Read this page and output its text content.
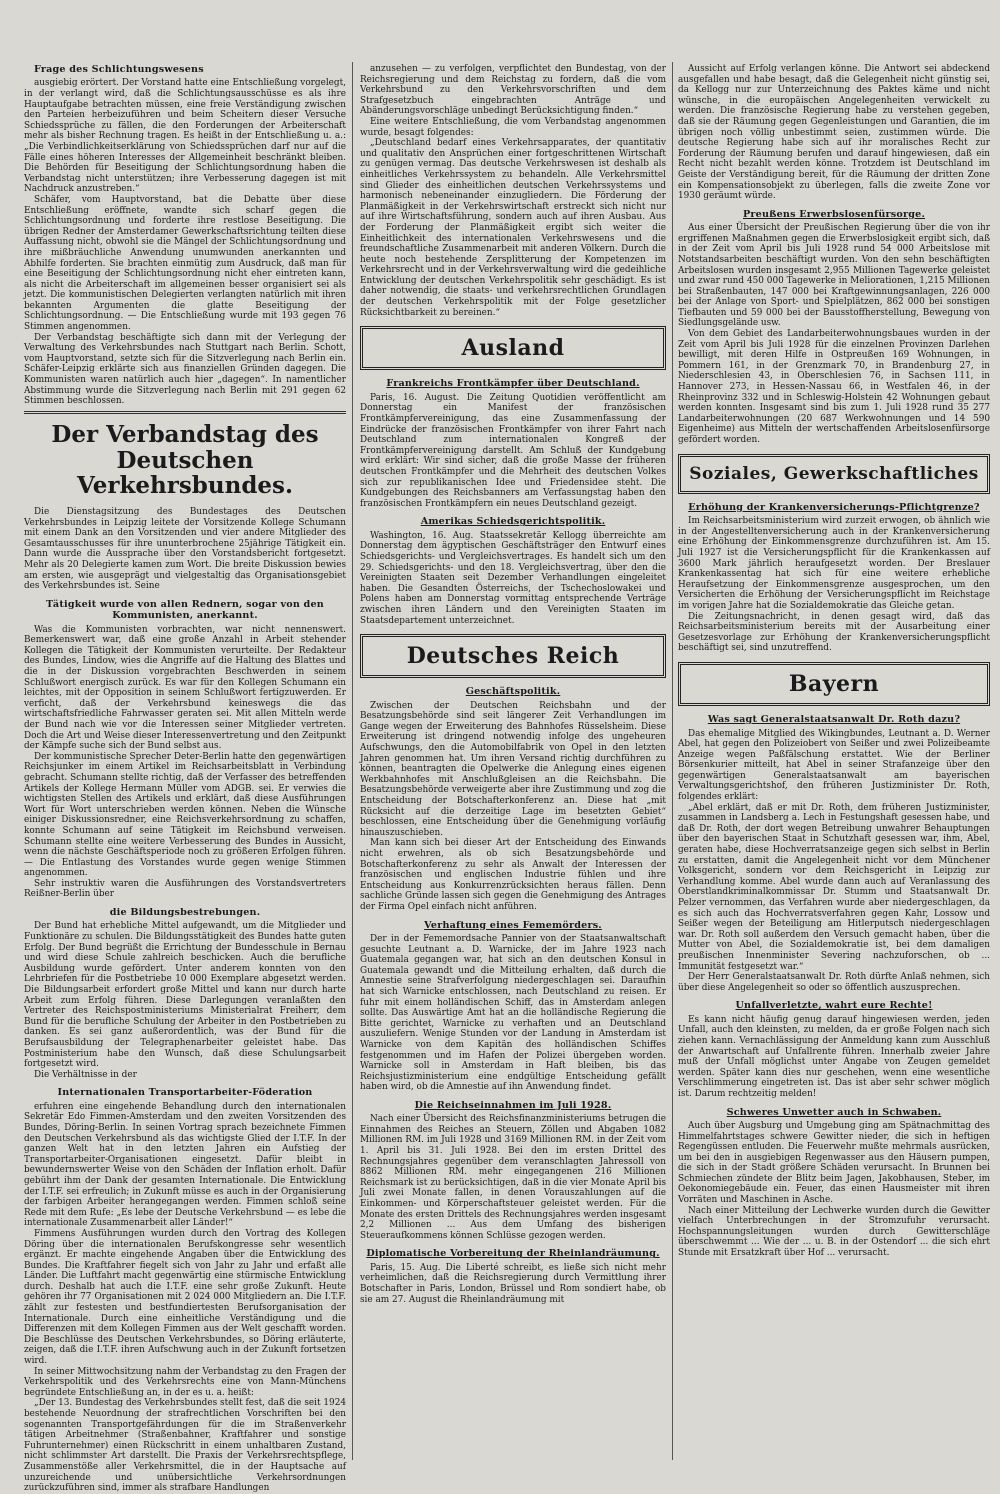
Frage des Schlichtungswesens

ausgiebig erörtert. Der Vorstand hatte eine Entschließung vorgelegt, in der verlangt wird, daß die Schlichtungsausschüsse es als ihre Hauptaufgabe betrachten müssen, eine freie Verständigung zwischen den Parteien herbeizuführen und beim Scheitern dieser Versuche Schiedssprüche zu fällen, die den Forderungen der Arbeiterschaft mehr als bisher Rechnung tragen. Es heißt in der Entschließung u. a.: „Die Verbindlichkeitserklärung von Schiedssprüchen darf nur auf die Fälle eines höheren Interesses der Allgemeinheit beschränkt bleiben. Die Behörden für Beseitigung der Schlichtungsordnung haben die Verbandstag nicht unterstützen; ihre Verbesserung dagegen ist mit Nachdruck anzustreben.“

Schäfer, vom Hauptvorstand, bat die Debatte über diese Entschließung eröffnete, wandte sich scharf gegen die Schlichtungsordnung und forderte ihre restlose Beseitigung. Die übrigen Redner der Amsterdamer Gewerkschaftsrichtung teilten diese Auffassung nicht, obwohl sie die Mängel der Schlichtungsordnung und ihre mißbräuchliche Anwendung unumwunden anerkannten und Abhilfe forderten. Sie brachten einmütig zum Ausdruck, daß man für eine Beseitigung der Schlichtungsordnung nicht eher eintreten kann, als nicht die Arbeiterschaft im allgemeinen besser organisiert sei als jetzt. Die kommunistischen Delegierten verlangten natürlich mit ihren bekannten Argumenten die glatte Beseitigung der Schlichtungsordnung. — Die Entschließung wurde mit 193 gegen 76 Stimmen angenommen.

Der Verbandstag beschäftigte sich dann mit der Verlegung der Verwaltung des Verkehrsbundes nach Stuttgart nach Berlin. Schott, vom Hauptvorstand, setzte sich für die Sitzverlegung nach Berlin ein. Schäfer-Leipzig erklärte sich aus finanziellen Gründen dagegen. Die Kommunisten waren natürlich auch hier „dagegen“. In namentlicher Abstimmung wurde die Sitzverlegung nach Berlin mit 291 gegen 62 Stimmen beschlossen.

Der Verbandstag des Deutschen Verkehrsbundes.

Die Dienstagsitzung des Bundestages des Deutschen Verkehrsbundes in Leipzig leitete der Vorsitzende Kollege Schumann mit einem Dank an den Vorsitzenden und vier andere Mitglieder des Gesamtausschusses für ihre ununterbrochene 25jährige Tätigkeit ein. Dann wurde die Aussprache über den Vorstandsbericht fortgesetzt. Mehr als 20 Delegierte kamen zum Wort. Die breite Diskussion bewies am ersten, wie ausgeprägt und vielgestaltig das Organisationsgebiet des Verkehrsbundes ist. Seine

Tätigkeit wurde von allen Rednern, sogar von den Kommunisten, anerkannt.

Was die Kommunisten vorbrachten, war nicht nennenswert. Bemerkenswert war, daß eine große Anzahl in Arbeit stehender Kollegen die Tätigkeit der Kommunisten verurteilte. Der Redakteur des Bundes, Lindow, wies die Angriffe auf die Haltung des Blattes und die in der Diskussion vorgebrachten Beschwerden in seinem Schlußwort energisch zurück. Es war für den Kollegen Schumann ein leichtes, mit der Opposition in seinem Schlußwort fertigzuwerden. Er verficht, daß der Verkehrsbund keineswegs die das wirtschaftsfriedliche Fahrwasser geraten sei. Mit allen Mitteln werde der Bund nach wie vor die Interessen seiner Mitglieder vertreten. Doch die Art und Weise dieser Interessenvertretung und den Zeitpunkt der Kämpfe suche sich der Bund selbst aus.

Der kommunistische Sprecher Deter-Berlin hatte den gegenwärtigen Reichsjunker im einem Artikel im Reichsarbeitsblatt in Verbindung gebracht. Schumann stellte richtig, daß der Verfasser des betreffenden Artikels der Kollege Hermann Müller vom ADGB. sei. Er verwies die wichtigsten Stellen des Artikels und erklärt, daß diese Ausführungen Wort für Wort unterschrieben werden können. Neben die Wünsche einiger Diskussionsredner, eine Reichsverkehrsordnung zu schaffen, konnte Schumann auf seine Tätigkeit im Reichsbund verweisen. Schumann stellte eine weitere Verbesserung des Bundes in Aussicht, wenn die nächste Geschäftsperiode noch zu größeren Erfolgen führen. — Die Entlastung des Vorstandes wurde gegen wenige Stimmen angenommen.

Sehr instruktiv waren die Ausführungen des Vorstandsvertreters Reißner-Berlin über

die Bildungsbestrebungen.

Der Bund hat erhebliche Mittel aufgewandt, um die Mitglieder und Funktionäre zu schulen. Die Bildungsstätigkeit des Bundes hatte guten Erfolg. Der Bund begrüßt die Errichtung der Bundesschule in Bernau und wird diese Schule zahlreich beschicken. Auch die berufliche Ausbildung wurde gefördert. Unter anderem konnten von den Lehrbriefen für die Postbetriebe 10 000 Exemplare abgesetzt werden. Die Bildungsarbeit erfordert große Mittel und kann nur durch harte Arbeit zum Erfolg führen. Diese Darlegungen veranlaßten den Vertreter des Reichspostministeriums Ministerialrat Freiherr, dem Bund für die berufliche Schulung der Arbeiter in den Postbetrieben zu danken. Es sei ganz außerordentlich, was der Bund für die Berufsausbildung der Telegraphenarbeiter geleistet habe. Das Postministerium habe den Wunsch, daß diese Schulungsarbeit fortgesetzt wird.

Die Verhältnisse in der

Internationalen Transportarbeiter-Föderation

erfuhren eine eingehende Behandlung durch den internationalen Sekretär Edo Fimmen-Amsterdam und den zweiten Vorsitzenden des Bundes, Döring-Berlin. In seinen Vortrag sprach bezeichnete Fimmen den Deutschen Verkehrsbund als das wichtigste Glied der I.T.F. In der ganzen Welt hat in den letzten Jahren ein Aufstieg der Transportarbeiter-Organisationen eingesetzt. Dafür bleibt in bewundernswerter Weise von den Schäden der Inflation erholt. Dafür gebührt ihm der Dank der gesamten Internationale. Die Entwicklung der I.T.F. sei erfreulich; in Zukunft müsse es auch in der Organisierung der farbigen Arbeiter herangegangen werden. Fimmen schloß seine Rede mit dem Rufe: „Es lebe der Deutsche Verkehrsbund — es lebe die internationale Zusammenarbeit aller Länder!“

Fimmens Ausführungen wurden durch den Vortrag des Kollegen Döring über die internationalen Berufskongresse sehr wesentlich ergänzt. Er machte eingehende Angaben über die Entwicklung des Bundes. Die Kraftfahrer fiegelt sich von Jahr zu Jahr und erfaßt alle Länder. Die Luftfahrt macht gegenwärtig eine stürmische Entwicklung durch. Deshalb hat auch die I.T.F. eine sehr große Zukunft. Heute gehören ihr 77 Organisationen mit 2 024 000 Mitgliedern an. Die I.T.F. zählt zur festesten und bestfundiertesten Berufsorganisation der Internationale. Durch eine einheitliche Verständigung und die Differenzen mit dem Kollegen Fimmen aus der Welt geschafft worden. Die Beschlüsse des Deutschen Verkehrsbundes, so Döring erläuterte, zeigen, daß die I.T.F. ihren Aufschwung auch in der Zukunft fortsetzen wird.

In seiner Mittwochsitzung nahm der Verbandstag zu den Fragen der Verkehrspolitik und des Verkehrsrechts eine von Mann-Münchens begründete Entschließung an, in der es u. a. heißt:

„Der 13. Bundestag des Verkehrsbundes stellt fest, daß die seit 1924 bestehende Neuordnung der strafrechtlichen Vorschriften bei den sogenannten Transportgefährdungen für die im Straßenverkehr tätigen Arbeitnehmer (Straßenbahner, Kraftfahrer und sonstige Fuhrunternehmer) einen Rückschritt in einem unhaltbaren Zustand, nicht schlimmster Art darstellt. Die Praxis der Verkehrsrechtspflege, Zusammenstöße aller Verkehrsmittel, die in der Hauptsache auf unzureichende und unübersichtliche Verkehrsordnungen zurückzuführen sind, immer als strafbare Handlungen

anzusehen — zu verfolgen, verpflichtet den Bundestag, von der Reichsregierung und dem Reichstag zu fordern, daß die vom Verkehrsbund zu den Verkehrsvorschriften und dem Strafgesetzbuch eingebrachten Anträge und Abänderungsvorschläge unbedingt Berücksichtigung finden.“

Eine weitere Entschließung, die vom Verbandstag angenommen wurde, besagt folgendes:

„Deutschland bedarf eines Verkehrsapparates, der quantitativ und qualitativ den Ansprüchen einer fortgeschrittenen Wirtschaft zu genügen vermag. Das deutsche Verkehrswesen ist deshalb als einheitliches Verkehrssystem zu behandeln. Alle Verkehrsmittel sind Glieder des einheitlichen deutschen Verkehrssystems und harmonisch nebeneinander einzugliedern. Die Förderung der Planmäßigkeit in der Verkehrswirtschaft erstreckt sich nicht nur auf ihre Wirtschaftsführung, sondern auch auf ihren Ausbau. Aus der Forderung der Planmäßigkeit ergibt sich weiter die Einheitlichkeit des internationalen Verkehrswesens und die freundschaftliche Zusammenarbeit mit anderen Völkern. Durch die heute noch bestehende Zersplitterung der Kompetenzen im Verkehrsrecht und in der Verkehrsverwaltung wird die gedeihliche Entwicklung der deutschen Verkehrspolitik sehr geschädigt. Es ist daher notwendig, die staats- und verkehrsrechtlichen Grundlagen der deutschen Verkehrspolitik mit der Folge gesetzlicher Rücksichtbarkeit zu bereinen.“

Ausland
Frankreichs Frontkämpfer über Deutschland.

Paris, 16. August. Die Zeitung Quotidien veröffentlicht am Donnerstag ein Manifest der französischen Frontkämpfervereinigung, das eine Zusammenfassung der Eindrücke der französischen Frontkämpfer von ihrer Fahrt nach Deutschland zum internationalen Kongreß der Frontkämpfervereinigung darstellt. Am Schluß der Kundgebung wird erklärt: Wir sind sicher, daß die große Masse der früheren deutschen Frontkämpfer und die Mehrheit des deutschen Volkes sich zur republikanischen Idee und Friedensidee steht. Die Kundgebungen des Reichsbanners am Verfassungstag haben den französischen Frontkämpfern ein neues Deutschland gezeigt.

Amerikas Schiedsgerichtspolitik.

Washington, 16. Aug. Staatssekretär Kellogg überreichte am Donnerstag dem ägyptischen Geschäftsträger den Entwurf eines Schiedsgerichts- und Vergleichsvertrages. Es handelt sich um den 29. Schiedsgerichts- und den 18. Vergleichsvertrag, über den die Vereinigten Staaten seit Dezember Verhandlungen eingeleitet haben. Die Gesandten Österreichs, der Tschechoslowakei und Polens haben am Donnerstag vormittag entsprechende Verträge zwischen ihren Ländern und den Vereinigten Staaten im Staatsdepartement unterzeichnet.

Deutsches Reich
Geschäftspolitik.

Zwischen der Deutschen Reichsbahn und der Besatzungsbehörde sind seit längerer Zeit Verhandlungen im Gange wegen der Erweiterung des Bahnhofes Rüsselsheim. Diese Erweiterung ist dringend notwendig infolge des ungeheuren Aufschwungs, den die Automobilfabrik von Opel in den letzten Jahren genommen hat. Um ihren Versand richtig durchführen zu können, beantragten die Opelwerke die Anlegung eines eigenen Werkbahnhofes mit Anschlußgleisen an die Reichsbahn. Die Besatzungsbehörde verweigerte aber ihre Zustimmung und zog die Entscheidung der Botschafterkonferenz an. Diese hat „mit Rücksicht auf die derzeitige Lage im besetzten Gebiet“ beschlossen, eine Entscheidung über die Genehmigung vorläufig hinauszuschieben.

Man kann sich bei dieser Art der Entscheidung des Einwands nicht erwehren, als ob sich Besatzungsbehörde und Botschafterkonferenz zu sehr als Anwalt der Interessen der französischen und englischen Industrie fühlen und ihre Entscheidung aus Konkurrenzrücksichten heraus fällen. Denn sachliche Gründe lassen sich gegen die Genehmigung des Antrages der Firma Opel einfach nicht anführen.

Verhaftung eines Fememörders.

Der in der Fememordsache Pannier von der Staatsanwaltschaft gesuchte Leutnant a. D. Warnicke, der im Jahre 1923 nach Guatemala gegangen war, hat sich an den deutschen Konsul in Guatemala gewandt und die Mitteilung erhalten, daß durch die Amnestie seine Strafverfolgung niedergeschlagen sei. Daraufhin hat sich Warnicke entschlossen, nach Deutschland zu reisen. Er fuhr mit einem holländischen Schiff, das in Amsterdam anlegen sollte. Das Auswärtige Amt hat an die holländische Regierung die Bitte gerichtet, Warnicke zu verhaften und an Deutschland auszuliefern. Wenige Stunden vor der Landung in Amsterdam ist Warnicke von dem Kapitän des holländischen Schiffes festgenommen und im Hafen der Polizei übergeben worden. Warnicke soll in Amsterdam in Haft bleiben, bis das Reichsjustizministerium eine endgültige Entscheidung gefällt haben wird, ob die Amnestie auf ihn Anwendung findet.

Die Reichseinnahmen im Juli 1928.

Nach einer Übersicht des Reichsfinanzministeriums betrugen die Einnahmen des Reiches an Steuern, Zöllen und Abgaben 1082 Millionen RM. im Juli 1928 und 3169 Millionen RM. in der Zeit vom 1. April bis 31. Juli 1928. Bei den im ersten Drittel des Rechnungsjahres gegenüber dem veranschlagten Jahressoll von 8862 Millionen RM. mehr eingegangenen 216 Millionen Reichsmark ist zu berücksichtigen, daß in die vier Monate April bis Juli zwei Monate fallen, in denen Vorauszahlungen auf die Einkommen- und Körperschaftsteuer geleistet werden. Für die Monate des ersten Drittels des Rechnungsjahres werden insgesamt 2,2 Millionen ... Aus dem Umfang des bisherigen Steueraufkommens können Schlüsse gezogen werden.

Diplomatische Vorbereitung der Rheinlandräumung.

Paris, 15. Aug. Die Liberté schreibt, es ließe sich nicht mehr verheimlichen, daß die Reichsregierung durch Vermittlung ihrer Botschafter in Paris, London, Brüssel und Rom sondiert habe, ob sie am 27. August die Rheinlandräumung mit

Aussicht auf Erfolg verlangen könne. Die Antwort sei abdeckend ausgefallen und habe besagt, daß die Gelegenheit nicht günstig sei, da Kellogg nur zur Unterzeichnung des Paktes käme und nicht wünsche, in die europäischen Angelegenheiten verwickelt zu werden. Die französische Regierung habe zu verstehen gegeben, daß sie der Räumung gegen Gegenleistungen und Garantien, die im übrigen noch völlig unbestimmt seien, zustimmen würde. Die deutsche Regierung habe sich auf ihr moralisches Recht zur Forderung der Räumung berufen und darauf hingewiesen, daß ein Recht nicht bezahlt werden könne. Trotzdem ist Deutschland im Geiste der Verständigung bereit, für die Räumung der dritten Zone ein Kompensationsobjekt zu überlegen, falls die zweite Zone vor 1930 geräumt würde.

Preußens Erwerbslosenfürsorge.

Aus einer Übersicht der Preußischen Regierung über die von ihr ergriffenen Maßnahmen gegen die Erwerbslosigkeit ergibt sich, daß in der Zeit vom April bis Juli 1928 rund 54 000 Arbeitslose mit Notstandsarbeiten beschäftigt wurden. Von den sehn beschäftigten Arbeitslosen wurden insgesamt 2,955 Millionen Tagewerke geleistet und zwar rund 450 000 Tagewerke in Meliorationen, 1,215 Millionen bei Straßenbauten, 147 000 bei Kraftgewinnungsanlagen, 226 000 bei der Anlage von Sport- und Spielplätzen, 862 000 bei sonstigen Tiefbauten und 59 000 bei der Bausstoffherstellung, Bewegung von Siedlungsgelände usw.

Von dem Gebiet des Landarbeiterwohnungsbaues wurden in der Zeit vom April bis Juli 1928 für die einzelnen Provinzen Darlehen bewilligt, mit deren Hilfe in Ostpreußen 169 Wohnungen, in Pommern 161, in der Grenzmark 70, in Brandenburg 27, in Niederschlesien 43, in Oberschlesien 76, in Sachsen 111, in Hannover 273, in Hessen-Nassau 66, in Westfalen 46, in der Rheinprovinz 332 und in Schleswig-Holstein 42 Wohnungen gebaut werden konnten. Insgesamt sind bis zum 1. Juli 1928 rund 35 277 Landarbeiterwohnungen (20 687 Werkwohnungen und 14 590 Eigenheime) aus Mitteln der wertschaffenden Arbeitslosenfürsorge gefördert worden.

Soziales, Gewerkschaftliches
Erhöhung der Krankenversicherungs-Pflichtgrenze?

Im Reichsarbeitsministerium wird zurzeit erwogen, ob ähnlich wie in der Angestelltenversicherung auch in der Krankenversicherung eine Erhöhung der Einkommensgrenze durchzuführen ist. Am 15. Juli 1927 ist die Versicherungspflicht für die Krankenkassen auf 3600 Mark jährlich heraufgesetzt worden. Der Breslauer Krankenkassentag hat sich für eine weitere erhebliche Heraufsetzung der Einkommensgrenze ausgesprochen, um den Versicherten die Erhöhung der Versicherungspflicht im Reichstage im vorigen Jahre hat die Sozialdemokratie das Gleiche getan.

Die Zeitungsnachricht, in denen gesagt wird, daß das Reichsarbeitsministerium bereits mit der Ausarbeitung einer Gesetzesvorlage zur Erhöhung der Krankenversicherungspflicht beschäftigt sei, sind unzutreffend.

Bayern
Was sagt Generalstaatsanwalt Dr. Roth dazu?

Das ehemalige Mitglied des Wikingbundes, Leutnant a. D. Werner Abel, hat gegen den Polizeiobert von Seißer und zwei Polizeibeamte Anzeige wegen Paßfälschung erstattet. Wie der Berliner Börsenkurier mitteilt, hat Abel in seiner Strafanzeige über den gegenwärtigen Generalstaatsanwalt am bayerischen Verwaltungsgerichtshof, den früheren Justizminister Dr. Roth, folgendes erklärt:

„Abel erklärt, daß er mit Dr. Roth, dem früheren Justizminister, zusammen in Landsberg a. Lech in Festungshaft gesessen habe, und daß Dr. Roth, der dort wegen Betreibung unwahrer Behauptungen über den bayerischen Staat in Schutzhaft gesessen war, ihm, Abel, geraten habe, diese Hochverratsanzeige gegen sich selbst in Berlin zu erstatten, damit die Angelegenheit nicht vor dem Münchener Volksgericht, sondern vor dem Reichsgericht in Leipzig zur Verhandlung komme. Abel wurde dann auch auf Veranlassung des Oberstlandkriminalkommissar Dr. Stumm und Staatsanwalt Dr. Pelzer vernommen, das Verfahren wurde aber niedergeschlagen, da es sich auch das Hochverratsverfahren gegen Kahr, Lossow und Seißer wegen der Beteiligung am Hitlerputsch niedergeschlagen war. Dr. Roth soll außerdem den Versuch gemacht haben, über die Mutter von Abel, die Sozialdemokratie ist, bei dem damaligen preußischen Innenminister Severing nachzuforschen, ob ... Immunität festgesetzt war.“

Der Herr Generalstaatsanwalt Dr. Roth dürfte Anlaß nehmen, sich über diese Angelegenheit so oder so öffentlich auszusprechen.

Unfallverletzte, wahrt eure Rechte!

Es kann nicht häufig genug darauf hingewiesen werden, jeden Unfall, auch den kleinsten, zu melden, da er große Folgen nach sich ziehen kann. Vernachlässigung der Anmeldung kann zum Ausschluß der Anwartschaft auf Unfallrente führen. Innerhalb zweier Jahre muß der Unfall möglichst unter Angabe von Zeugen gemeldet werden. Später kann dies nur geschehen, wenn eine wesentliche Verschlimmerung eingetreten ist. Das ist aber sehr schwer möglich ist. Darum rechtzeitig melden!

Schweres Unwetter auch in Schwaben.

Auch über Augsburg und Umgebung ging am Spätnachmittag des Himmelfahrtstages schwere Gewitter nieder, die sich in heftigen Regengüssen entluden. Die Feuerwehr mußte mehrmals ausrücken, um bei den in ausgiebigen Regenwasser aus den Häusern pumpen, die sich in der Stadt größere Schäden verursacht. In Brunnen bei Schmiechen zündete der Blitz beim Jagen, Jakobhausen, Steber, im Oekonomiegebäude ein. Feuer, das einen Hausmeister mit ihren Vorräten und Maschinen in Asche.

Nach einer Mitteilung der Lechwerke wurden durch die Gewitter vielfach Unterbrechungen in der Stromzufuhr verursacht. Hochspannungsleitungen wurden durch Gewitterschläge überschwemmt ... Wie der ... u. B. in der Ostendorf ... die sich ehrt Stunde mit Ersatzkraft über Hof ... verursacht.
